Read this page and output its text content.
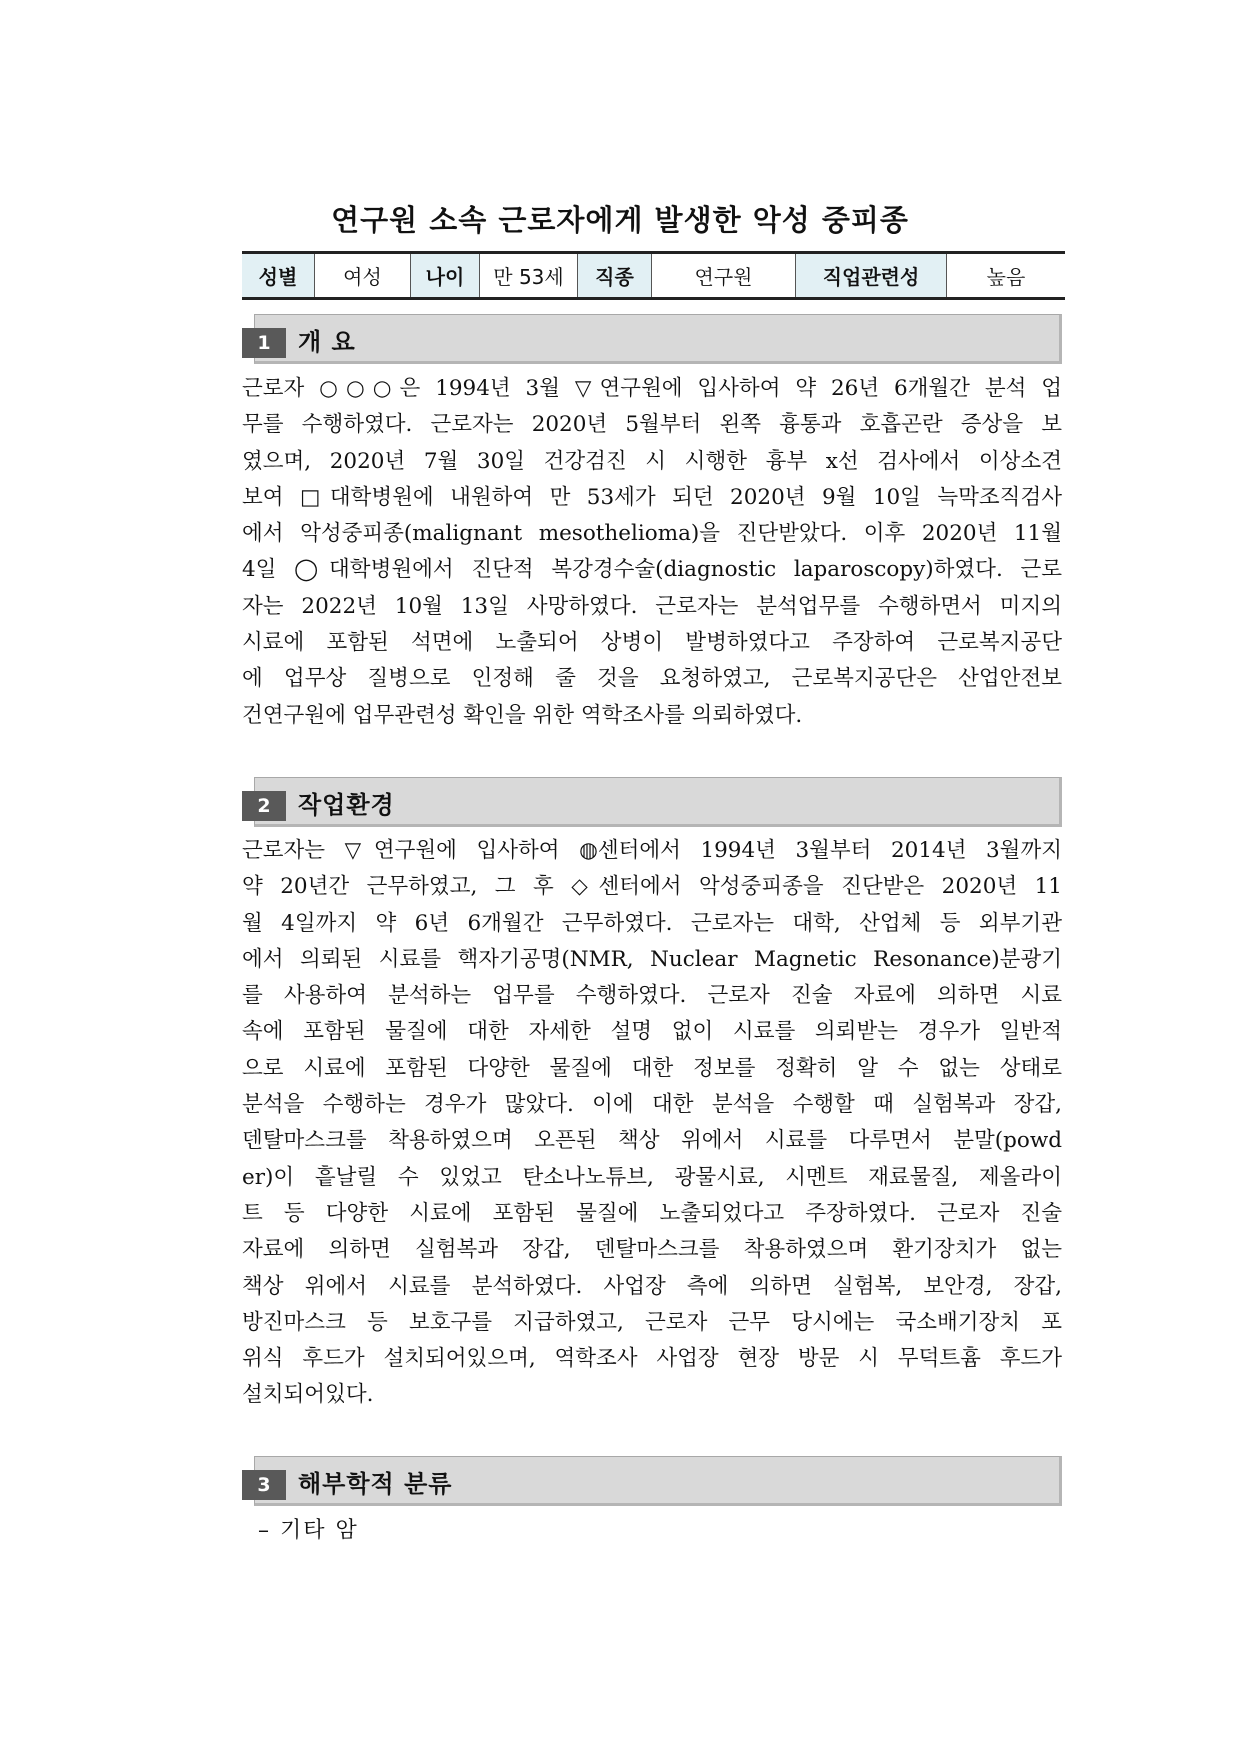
연구원 소속 근로자에게 발생한 악성 중피종
성별	여성	나이	만 53세	직종	연구원	직업관련성	높음
1	개 요
근로자 ○○○은 1994년 3월 ▽연구원에 입사하여 약 26년 6개월간 분석 업
무를 수행하였다. 근로자는 2020년 5월부터 왼쪽 흉통과 호흡곤란 증상을 보
였으며, 2020년 7월 30일 건강검진 시 시행한 흉부 x선 검사에서 이상소견
보여 □대학병원에 내원하여 만 53세가 되던 2020년 9월 10일 늑막조직검사
에서 악성중피종(malignant mesothelioma)을 진단받았다. 이후 2020년 11월
4일 ◯대학병원에서 진단적 복강경수술(diagnostic laparoscopy)하였다. 근로
자는 2022년 10월 13일 사망하였다. 근로자는 분석업무를 수행하면서 미지의
시료에 포함된 석면에 노출되어 상병이 발병하였다고 주장하여 근로복지공단
에 업무상 질병으로 인정해 줄 것을 요청하였고, 근로복지공단은 산업안전보
건연구원에 업무관련성 확인을 위한 역학조사를 의뢰하였다.
2	작업환경
근로자는 ▽연구원에 입사하여 ◍센터에서 1994년 3월부터 2014년 3월까지
약 20년간 근무하였고, 그 후 ◇센터에서 악성중피종을 진단받은 2020년 11
월 4일까지 약 6년 6개월간 근무하였다. 근로자는 대학, 산업체 등 외부기관
에서 의뢰된 시료를 핵자기공명(NMR, Nuclear Magnetic Resonance)분광기
를 사용하여 분석하는 업무를 수행하였다. 근로자 진술 자료에 의하면 시료
속에 포함된 물질에 대한 자세한 설명 없이 시료를 의뢰받는 경우가 일반적
으로 시료에 포함된 다양한 물질에 대한 정보를 정확히 알 수 없는 상태로
분석을 수행하는 경우가 많았다. 이에 대한 분석을 수행할 때 실험복과 장갑,
덴탈마스크를 착용하였으며 오픈된 책상 위에서 시료를 다루면서 분말(powd
er)이 흩날릴 수 있었고 탄소나노튜브, 광물시료, 시멘트 재료물질, 제올라이
트 등 다양한 시료에 포함된 물질에 노출되었다고 주장하였다. 근로자 진술
자료에 의하면 실험복과 장갑, 덴탈마스크를 착용하였으며 환기장치가 없는
책상 위에서 시료를 분석하였다. 사업장 측에 의하면 실험복, 보안경, 장갑,
방진마스크 등 보호구를 지급하였고, 근로자 근무 당시에는 국소배기장치 포
위식 후드가 설치되어있으며, 역학조사 사업장 현장 방문 시 무덕트흄 후드가
설치되어있다.
3	해부학적 분류
– 기타 암
